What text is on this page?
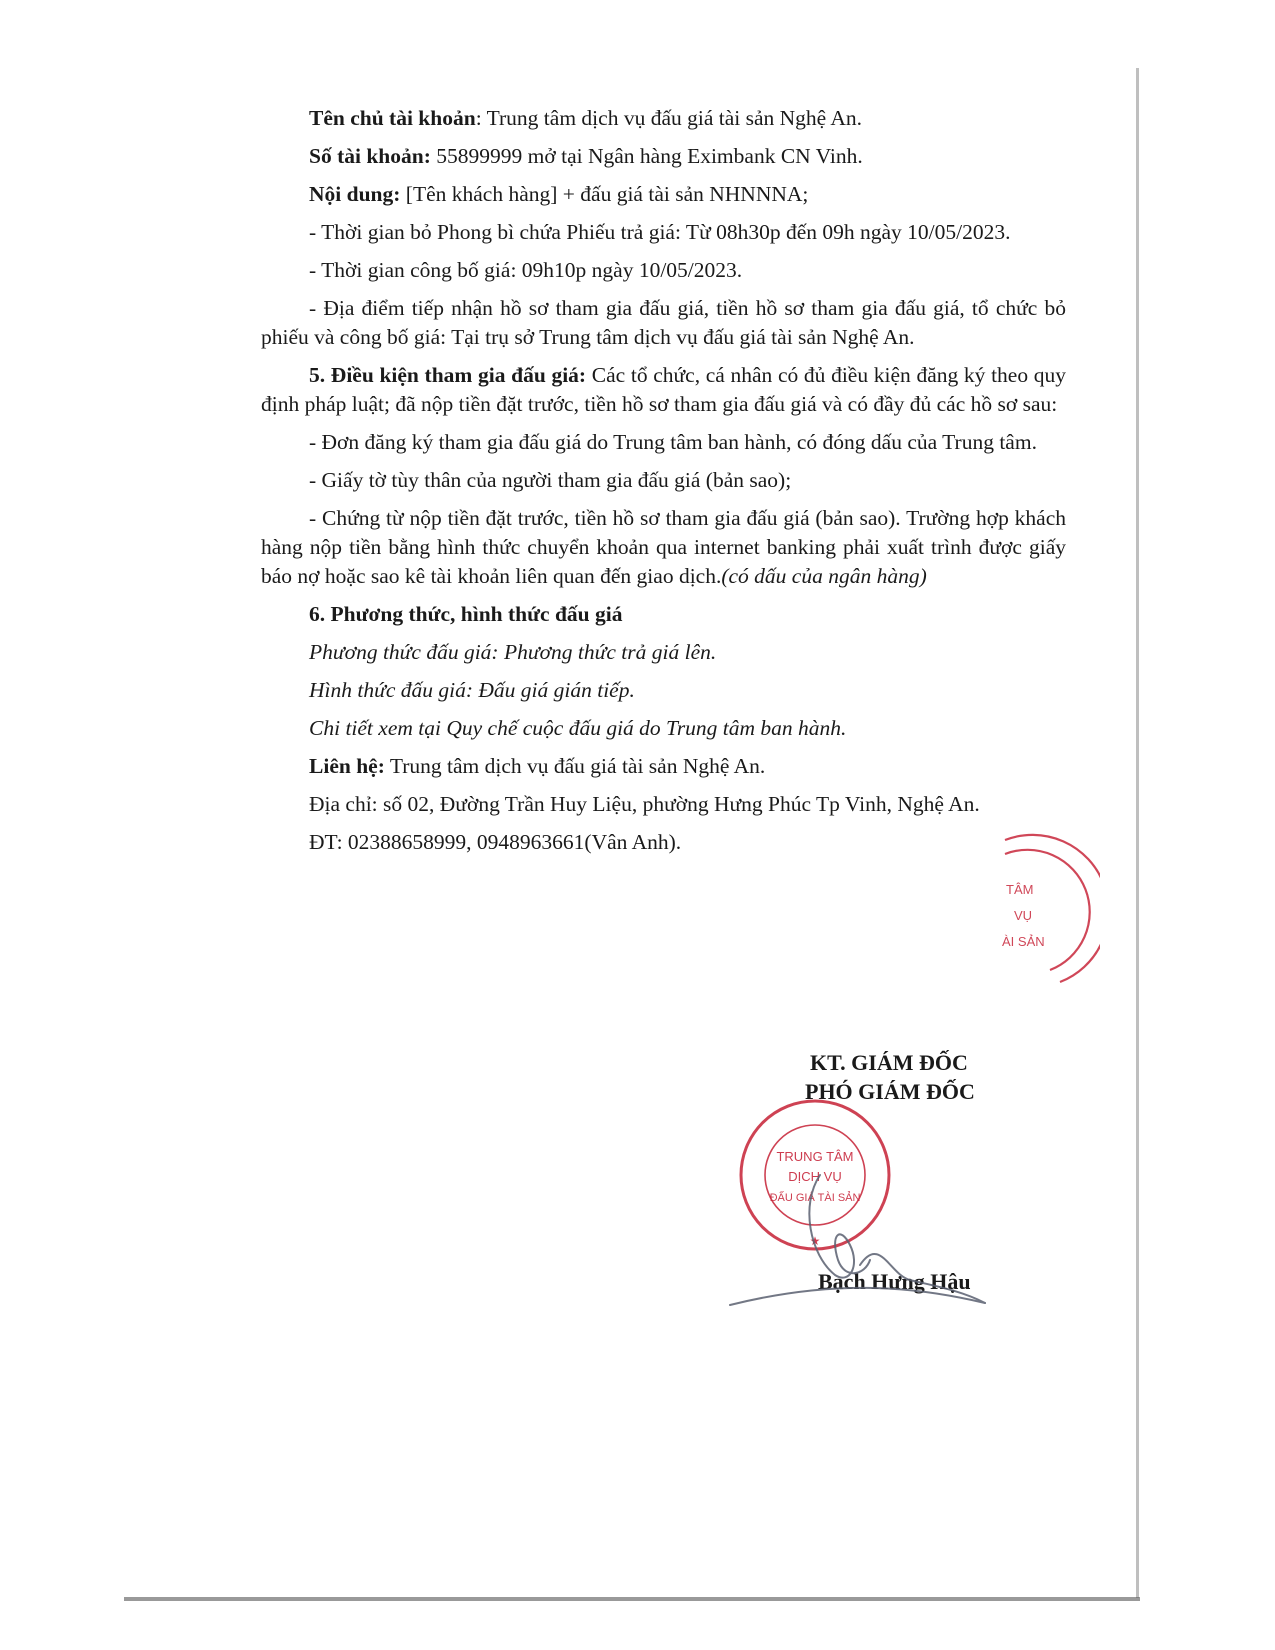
Tên chủ tài khoản: Trung tâm dịch vụ đấu giá tài sản Nghệ An.

Số tài khoản: 55899999 mở tại Ngân hàng Eximbank CN Vinh.

Nội dung: [Tên khách hàng] + đấu giá tài sản NHNNNA;

- Thời gian bỏ Phong bì chứa Phiếu trả giá: Từ 08h30p đến 09h ngày 10/05/2023.

- Thời gian công bố giá: 09h10p ngày 10/05/2023.

- Địa điểm tiếp nhận hồ sơ tham gia đấu giá, tiền hồ sơ tham gia đấu giá, tổ chức bỏ phiếu và công bố giá: Tại trụ sở Trung tâm dịch vụ đấu giá tài sản Nghệ An.

5. Điều kiện tham gia đấu giá: Các tổ chức, cá nhân có đủ điều kiện đăng ký theo quy định pháp luật; đã nộp tiền đặt trước, tiền hồ sơ tham gia đấu giá và có đầy đủ các hồ sơ sau:

- Đơn đăng ký tham gia đấu giá do Trung tâm ban hành, có đóng dấu của Trung tâm.

- Giấy tờ tùy thân của người tham gia đấu giá (bản sao);

- Chứng từ nộp tiền đặt trước, tiền hồ sơ tham gia đấu giá (bản sao). Trường hợp khách hàng nộp tiền bằng hình thức chuyển khoản qua internet banking phải xuất trình được giấy báo nợ hoặc sao kê tài khoản liên quan đến giao dịch.(có dấu của ngân hàng)

6. Phương thức, hình thức đấu giá

Phương thức đấu giá: Phương thức trả giá lên.

Hình thức đấu giá: Đấu giá gián tiếp.

Chi tiết xem tại Quy chế cuộc đấu giá do Trung tâm ban hành.

Liên hệ: Trung tâm dịch vụ đấu giá tài sản Nghệ An.

Địa chỉ: số 02, Đường Trần Huy Liệu, phường Hưng Phúc Tp Vinh, Nghệ An.

ĐT: 02388658999, 0948963661(Vân Anh).

TÂM
VỤ
ÀI SẢN
KT. GIÁM ĐỐC
PHÓ GIÁM ĐỐC
Bạch Hưng Hậu
TRUNG TÂM
DỊCH VỤ
ĐẤU GIÁ TÀI SẢN
★
